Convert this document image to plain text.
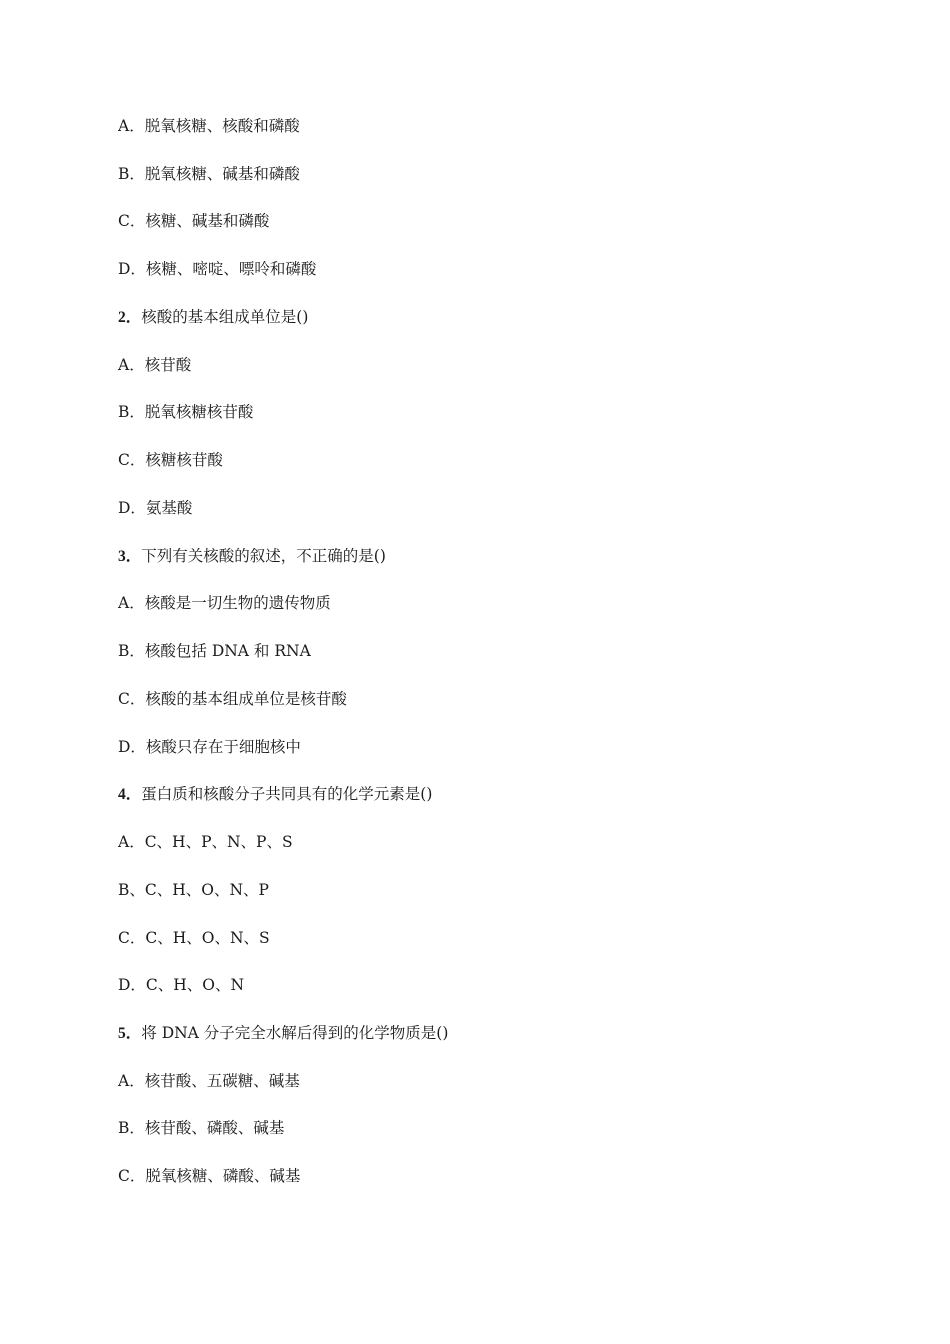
A．脱氧核糖、核酸和磷酸
B．脱氧核糖、碱基和磷酸
C．核糖、碱基和磷酸
D．核糖、嘧啶、嘌呤和磷酸
2．核酸的基本组成单位是()
A．核苷酸
B．脱氧核糖核苷酸
C．核糖核苷酸
D．氨基酸
3．下列有关核酸的叙述，不正确的是()
A．核酸是一切生物的遗传物质
B．核酸包括 DNA 和 RNA
C．核酸的基本组成单位是核苷酸
D．核酸只存在于细胞核中
4．蛋白质和核酸分子共同具有的化学元素是()
A．C、H、P、N、P、S
B、C、H、O、N、P
C．C、H、O、N、S
D．C、H、O、N
5．将 DNA 分子完全水解后得到的化学物质是()
A．核苷酸、五碳糖、碱基
B．核苷酸、磷酸、碱基
C．脱氧核糖、磷酸、碱基
